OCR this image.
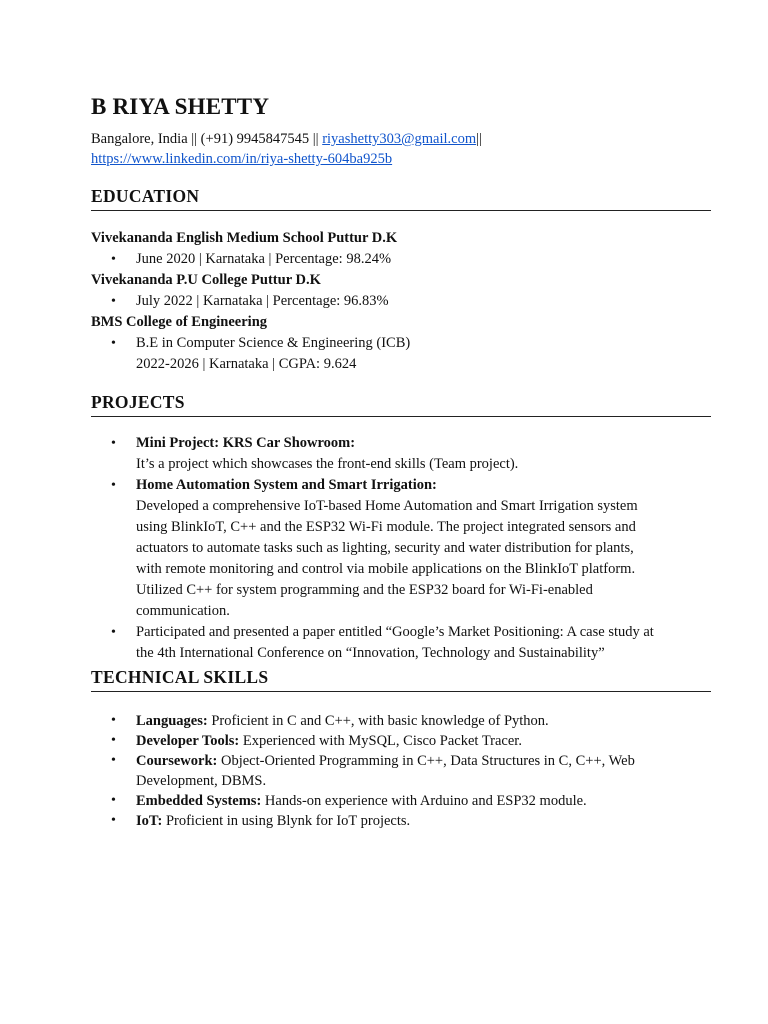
B RIYA SHETTY
Bangalore, India || (+91) 9945847545 || riyashetty303@gmail.com||
https://www.linkedin.com/in/riya-shetty-604ba925b
EDUCATION
Vivekananda English Medium School Puttur D.K
• June 2020 | Karnataka | Percentage: 98.24%
Vivekananda P.U College Puttur D.K
• July 2022 | Karnataka | Percentage: 96.83%
BMS College of Engineering
• B.E in Computer Science & Engineering (ICB)
2022-2026 | Karnataka | CGPA: 9.624
PROJECTS
• Mini Project: KRS Car Showroom:
It’s a project which showcases the front-end skills (Team project).
• Home Automation System and Smart Irrigation:
Developed a comprehensive IoT-based Home Automation and Smart Irrigation system
using BlinkIoT, C++ and the ESP32 Wi-Fi module. The project integrated sensors and
actuators to automate tasks such as lighting, security and water distribution for plants,
with remote monitoring and control via mobile applications on the BlinkIoT platform.
Utilized C++ for system programming and the ESP32 board for Wi-Fi-enabled
communication.
• Participated and presented a paper entitled “Google’s Market Positioning: A case study at
the 4th International Conference on “Innovation, Technology and Sustainability”
TECHNICAL SKILLS
• Languages: Proficient in C and C++, with basic knowledge of Python.
• Developer Tools: Experienced with MySQL, Cisco Packet Tracer.
• Coursework: Object-Oriented Programming in C++, Data Structures in C, C++, Web
Development, DBMS.
• Embedded Systems: Hands-on experience with Arduino and ESP32 module.
• IoT: Proficient in using Blynk for IoT projects.
